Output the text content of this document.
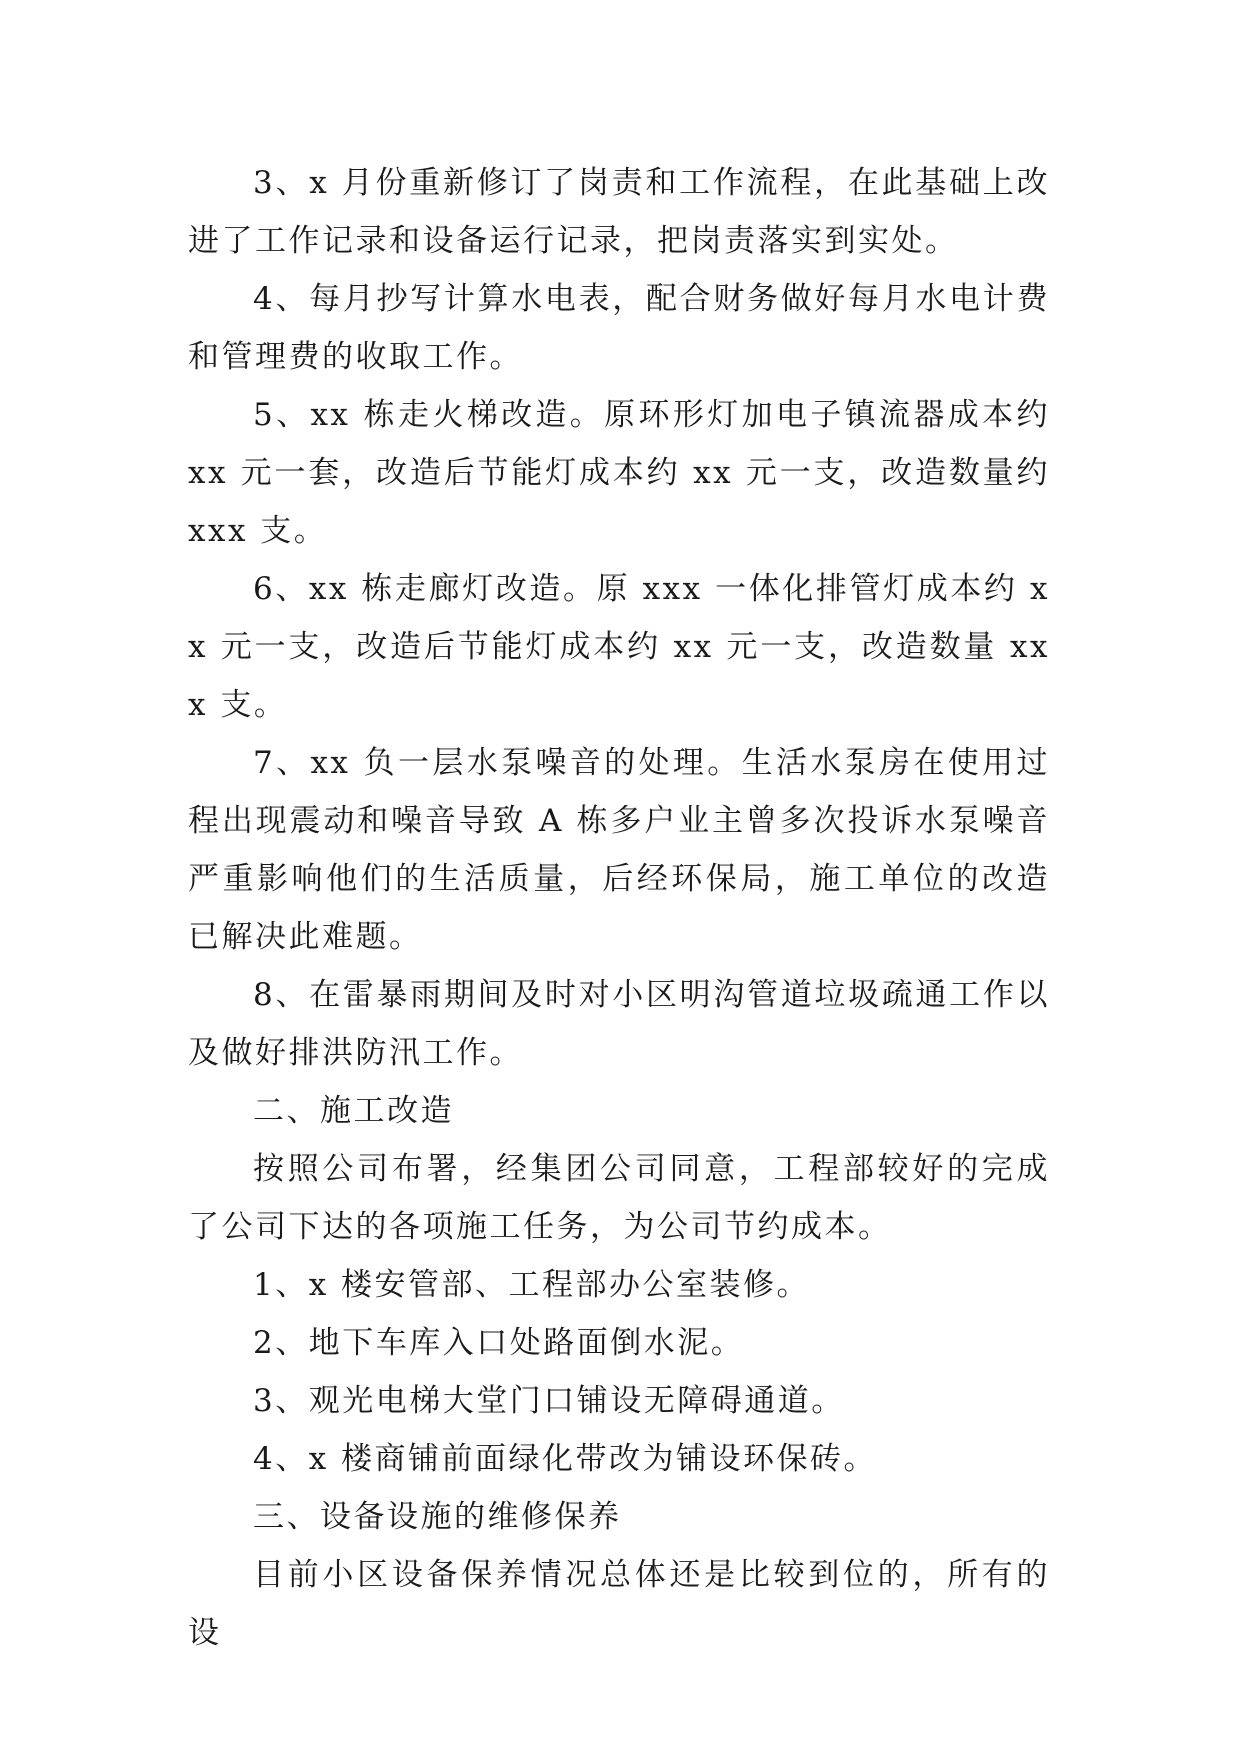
3、x 月份重新修订了岗责和工作流程，在此基础上改进了工作记录和设备运行记录，把岗责落实到实处。

4、每月抄写计算水电表，配合财务做好每月水电计费和管理费的收取工作。

5、xx 栋走火梯改造。原环形灯加电子镇流器成本约 xx 元一套，改造后节能灯成本约 xx 元一支，改造数量约 xxx 支。

6、xx 栋走廊灯改造。原 xxx 一体化排管灯成本约 xx 元一支，改造后节能灯成本约 xx 元一支，改造数量 xxx 支。

7、xx 负一层水泵噪音的处理。生活水泵房在使用过程出现震动和噪音导致 A 栋多户业主曾多次投诉水泵噪音严重影响他们的生活质量，后经环保局，施工单位的改造已解决此难题。

8、在雷暴雨期间及时对小区明沟管道垃圾疏通工作以及做好排洪防汛工作。

二、施工改造

按照公司布署，经集团公司同意，工程部较好的完成了公司下达的各项施工任务，为公司节约成本。

1、x 楼安管部、工程部办公室装修。

2、地下车库入口处路面倒水泥。

3、观光电梯大堂门口铺设无障碍通道。

4、x 楼商铺前面绿化带改为铺设环保砖。

三、设备设施的维修保养

目前小区设备保养情况总体还是比较到位的，所有的设
